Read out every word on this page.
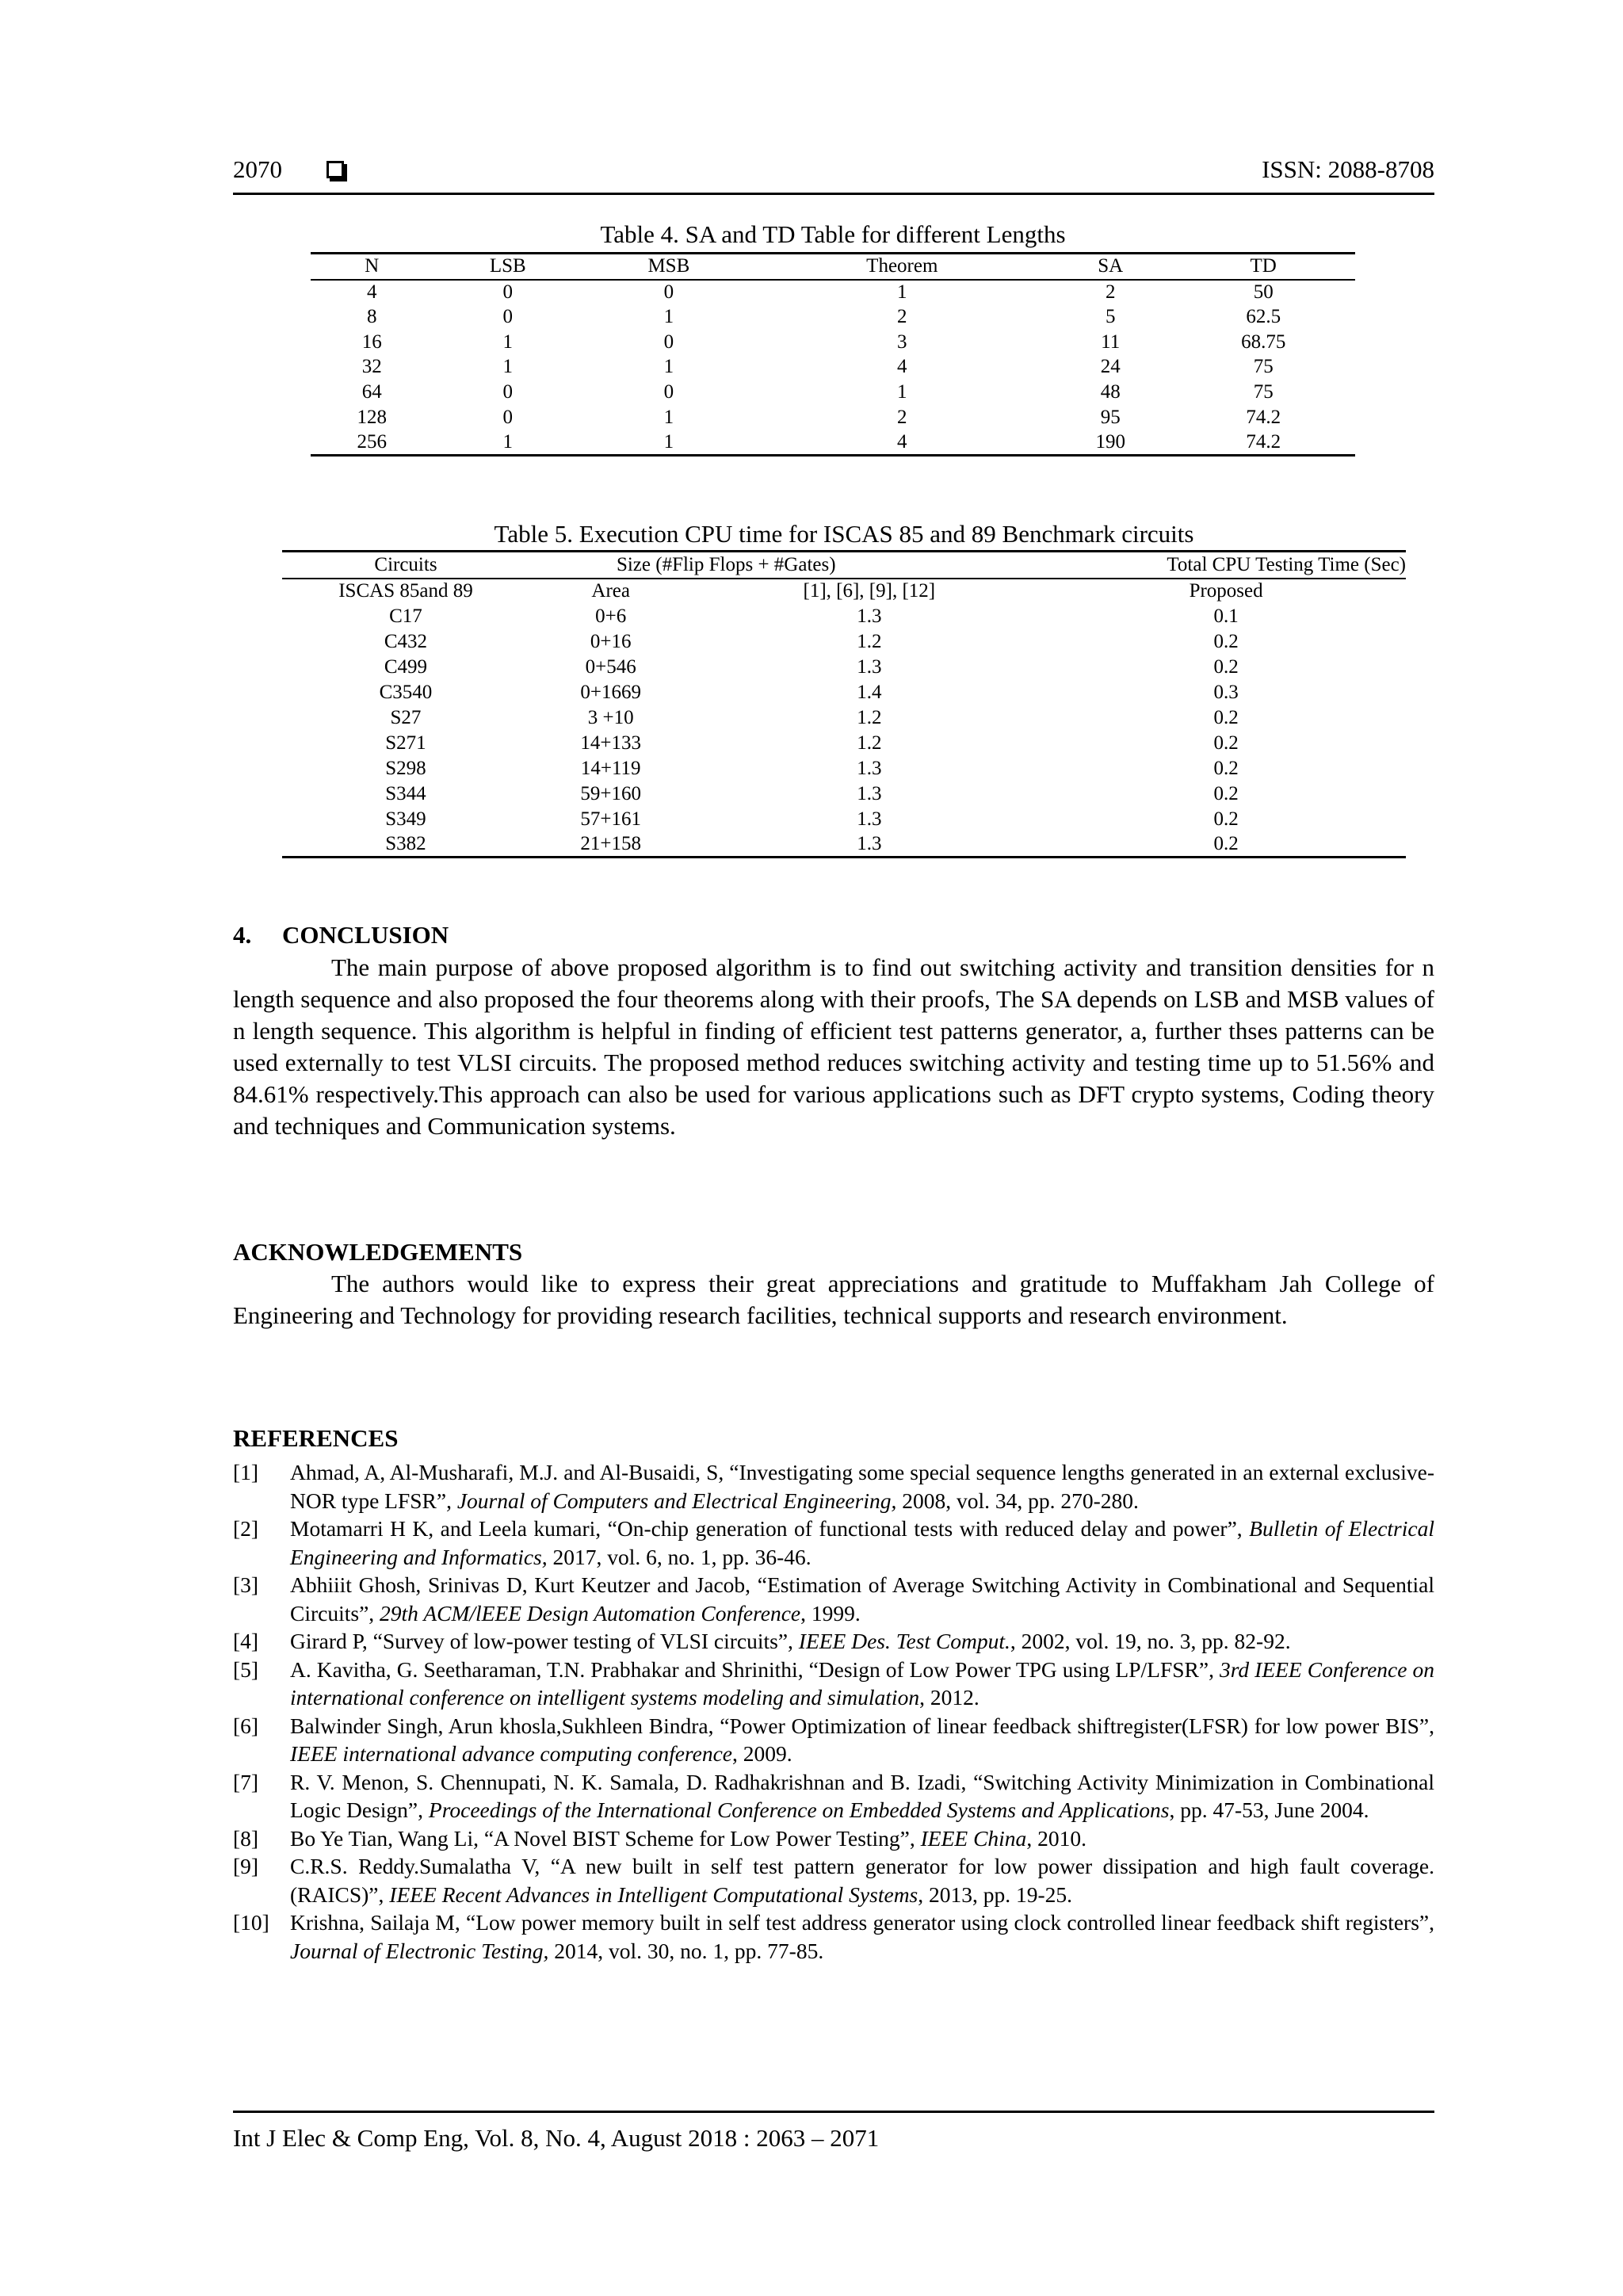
2070	ISSN: 2088-8708
Table 4. SA and TD Table for different Lengths
N	LSB	MSB	Theorem	SA	TD
4	0	0	1	2	50
8	0	1	2	5	62.5
16	1	0	3	11	68.75
32	1	1	4	24	75
64	0	0	1	48	75
128	0	1	2	95	74.2
256	1	1	4	190	74.2
Table 5. Execution CPU time for ISCAS 85 and 89 Benchmark circuits
Circuits	Size (#Flip Flops + #Gates)		Total CPU Testing Time (Sec)
ISCAS 85and 89	Area	[1], [6], [9], [12]	Proposed
C17	0+6	1.3	0.1
C432	0+16	1.2	0.2
C499	0+546	1.3	0.2
C3540	0+1669	1.4	0.3
S27	3 +10	1.2	0.2
S271	14+133	1.2	0.2
S298	14+119	1.3	0.2
S344	59+160	1.3	0.2
S349	57+161	1.3	0.2
S382	21+158	1.3	0.2
4.     CONCLUSION
The main purpose of above proposed algorithm is to find out switching activity and transition densities for n length sequence and also proposed the four theorems along with their proofs, The SA depends on LSB and MSB values of n length sequence. This algorithm is helpful in finding of efficient test patterns generator, a, further thses patterns can be used externally to test VLSI circuits. The proposed method reduces switching activity and testing time up to 51.56% and 84.61% respectively.This approach can also be used for various applications such as DFT crypto systems, Coding theory and techniques and Communication systems.
ACKNOWLEDGEMENTS
The authors would like to express their great appreciations and gratitude to Muffakham Jah College of Engineering and Technology for providing research facilities, technical supports and research environment.
REFERENCES
[1] Ahmad, A, Al-Musharafi, M.J. and Al-Busaidi, S, “Investigating some special sequence lengths generated in an external exclusive-NOR type LFSR”, Journal of Computers and Electrical Engineering, 2008, vol. 34, pp. 270-280.
[2] Motamarri H K, and Leela kumari, “On-chip generation of functional tests with reduced delay and power”, Bulletin of Electrical Engineering and Informatics, 2017, vol. 6, no. 1, pp. 36-46.
[3] Abhiiit Ghosh, Srinivas D, Kurt Keutzer and Jacob, “Estimation of Average Switching Activity in Combinational and Sequential Circuits”, 29th ACM/lEEE Design Automation Conference, 1999.
[4] Girard P, “Survey of low-power testing of VLSI circuits”, IEEE Des. Test Comput., 2002, vol. 19, no. 3, pp. 82-92.
[5] A. Kavitha, G. Seetharaman, T.N. Prabhakar and Shrinithi, “Design of Low Power TPG using LP/LFSR”, 3rd IEEE Conference on international conference on intelligent systems modeling and simulation, 2012.
[6] Balwinder Singh, Arun khosla,Sukhleen Bindra, “Power Optimization of linear feedback shiftregister(LFSR) for low power BIS”, IEEE international advance computing conference, 2009.
[7] R. V. Menon, S. Chennupati, N. K. Samala, D. Radhakrishnan and B. Izadi, “Switching Activity Minimization in Combinational Logic Design”, Proceedings of the International Conference on Embedded Systems and Applications, pp. 47-53, June 2004.
[8] Bo Ye Tian, Wang Li, “A Novel BIST Scheme for Low Power Testing”, IEEE China, 2010.
[9] C.R.S. Reddy.Sumalatha V, “A new built in self test pattern generator for low power dissipation and high fault coverage. (RAICS)”, IEEE Recent Advances in Intelligent Computational Systems, 2013, pp. 19-25.
[10] Krishna, Sailaja M, “Low power memory built in self test address generator using clock controlled linear feedback shift registers”, Journal of Electronic Testing, 2014, vol. 30, no. 1, pp. 77-85.
Int J Elec & Comp Eng, Vol. 8, No. 4, August 2018 : 2063 – 2071
